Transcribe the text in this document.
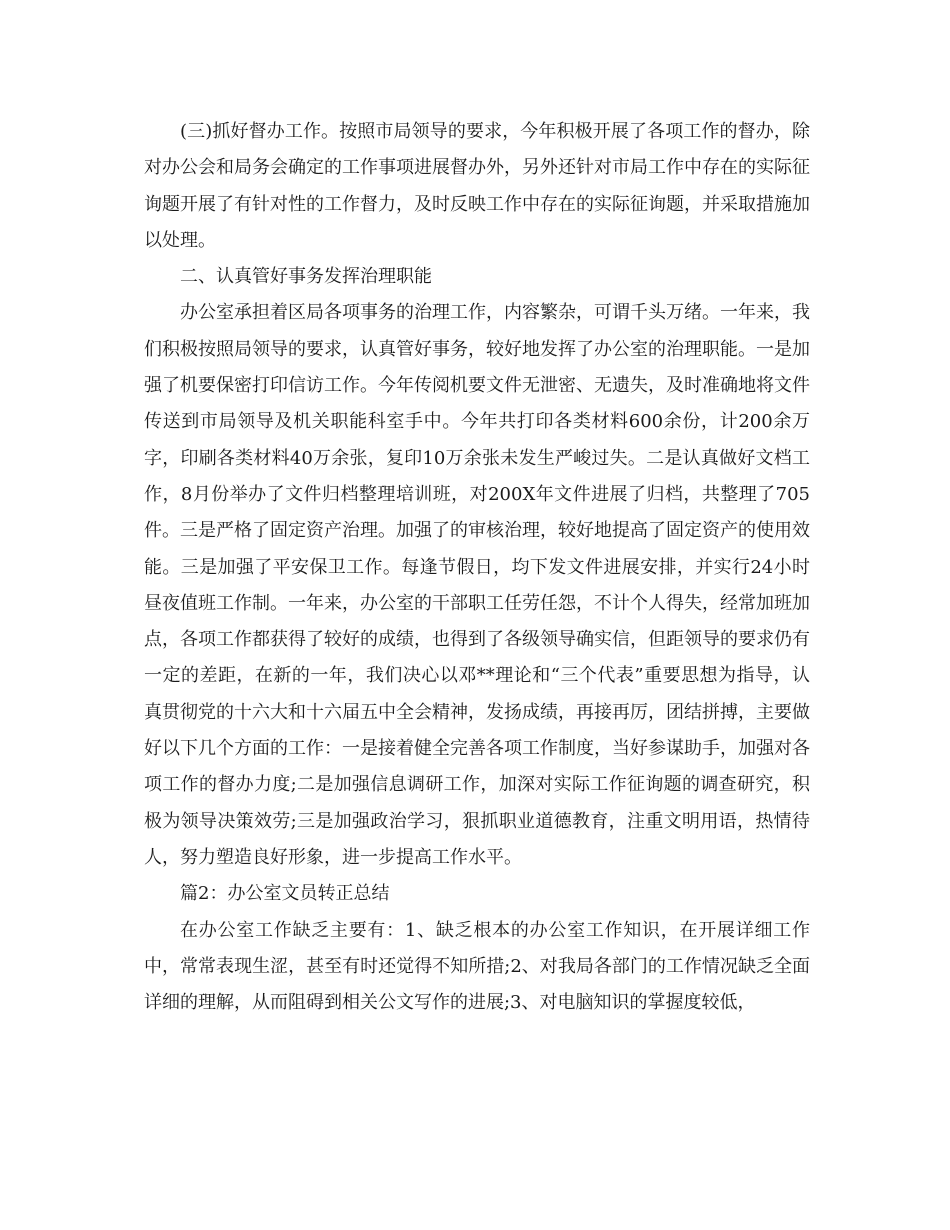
(三)抓好督办工作。按照市局领导的要求，今年积极开展了各项工作的督办，除对办公会和局务会确定的工作事项进展督办外，另外还针对市局工作中存在的实际征询题开展了有针对性的工作督力，及时反映工作中存在的实际征询题，并采取措施加以处理。

二、认真管好事务发挥治理职能

办公室承担着区局各项事务的治理工作，内容繁杂，可谓千头万绪。一年来，我们积极按照局领导的要求，认真管好事务，较好地发挥了办公室的治理职能。一是加强了机要保密打印信访工作。今年传阅机要文件无泄密、无遗失，及时准确地将文件传送到市局领导及机关职能科室手中。今年共打印各类材料600余份，计200余万字，印刷各类材料40万余张，复印10万余张未发生严峻过失。二是认真做好文档工作，8月份举办了文件归档整理培训班，对200X年文件进展了归档，共整理了705件。三是严格了固定资产治理。加强了的审核治理，较好地提高了固定资产的使用效能。三是加强了平安保卫工作。每逢节假日，均下发文件进展安排，并实行24小时昼夜值班工作制。一年来，办公室的干部职工任劳任怨，不计个人得失，经常加班加点，各项工作都获得了较好的成绩，也得到了各级领导确实信，但距领导的要求仍有一定的差距，在新的一年，我们决心以邓**理论和“三个代表”重要思想为指导，认真贯彻党的十六大和十六届五中全会精神，发扬成绩，再接再厉，团结拼搏，主要做好以下几个方面的工作：一是接着健全完善各项工作制度，当好参谋助手，加强对各项工作的督办力度;二是加强信息调研工作，加深对实际工作征询题的调查研究，积极为领导决策效劳;三是加强政治学习，狠抓职业道德教育，注重文明用语，热情待人，努力塑造良好形象，进一步提高工作水平。

篇2：办公室文员转正总结

在办公室工作缺乏主要有：1、缺乏根本的办公室工作知识，在开展详细工作中，常常表现生涩，甚至有时还觉得不知所措;2、对我局各部门的工作情况缺乏全面详细的理解，从而阻碍到相关公文写作的进展;3、对电脑知识的掌握度较低，
